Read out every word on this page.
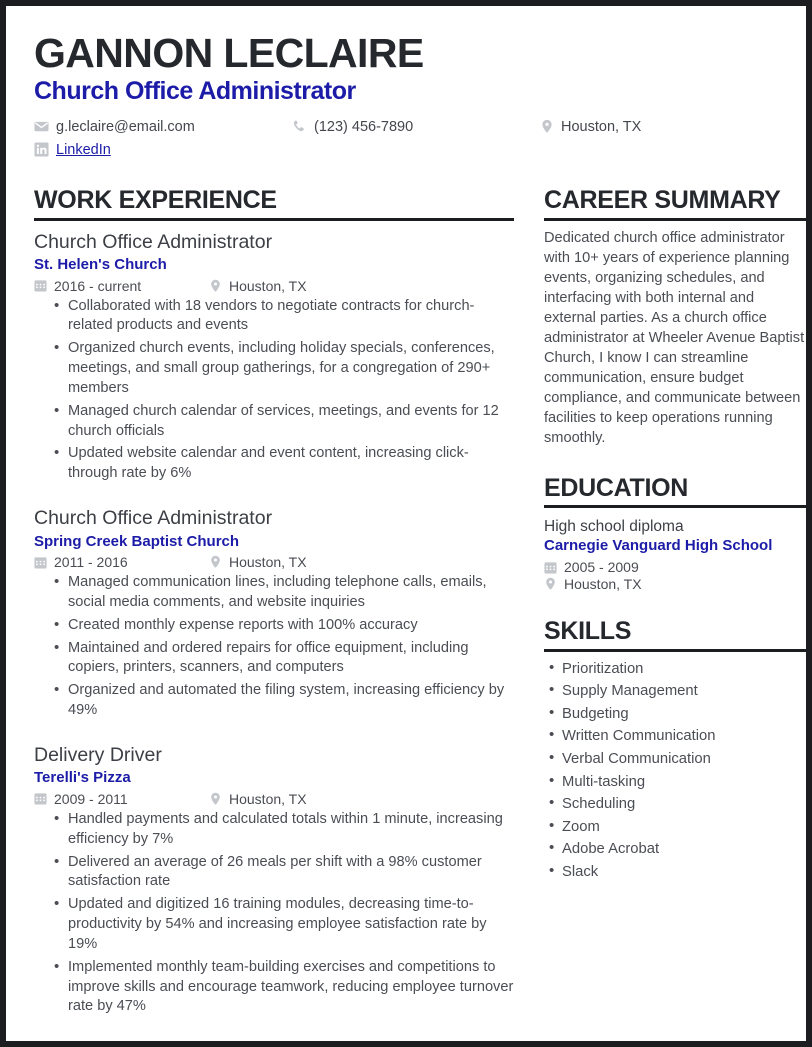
GANNON LECLAIRE
Church Office Administrator
g.leclaire@email.com	(123) 456-7890	Houston, TX
LinkedIn
WORK EXPERIENCE
Church Office Administrator
St. Helen's Church
2016 - current	Houston, TX
• Collaborated with 18 vendors to negotiate contracts for church-related products and events
• Organized church events, including holiday specials, conferences, meetings, and small group gatherings, for a congregation of 290+ members
• Managed church calendar of services, meetings, and events for 12 church officials
• Updated website calendar and event content, increasing click-through rate by 6%
Church Office Administrator
Spring Creek Baptist Church
2011 - 2016	Houston, TX
• Managed communication lines, including telephone calls, emails, social media comments, and website inquiries
• Created monthly expense reports with 100% accuracy
• Maintained and ordered repairs for office equipment, including copiers, printers, scanners, and computers
• Organized and automated the filing system, increasing efficiency by 49%
Delivery Driver
Terelli's Pizza
2009 - 2011	Houston, TX
• Handled payments and calculated totals within 1 minute, increasing efficiency by 7%
• Delivered an average of 26 meals per shift with a 98% customer satisfaction rate
• Updated and digitized 16 training modules, decreasing time-to-productivity by 54% and increasing employee satisfaction rate by 19%
• Implemented monthly team-building exercises and competitions to improve skills and encourage teamwork, reducing employee turnover rate by 47%
CAREER SUMMARY

Dedicated church office administrator with 10+ years of experience planning events, organizing schedules, and interfacing with both internal and external parties. As a church office administrator at Wheeler Avenue Baptist Church, I know I can streamline communication, ensure budget compliance, and communicate between facilities to keep operations running smoothly.

EDUCATION
High school diploma
Carnegie Vanguard High School
2005 - 2009
Houston, TX
SKILLS
• Prioritization
• Supply Management
• Budgeting
• Written Communication
• Verbal Communication
• Multi-tasking
• Scheduling
• Zoom
• Adobe Acrobat
• Slack
